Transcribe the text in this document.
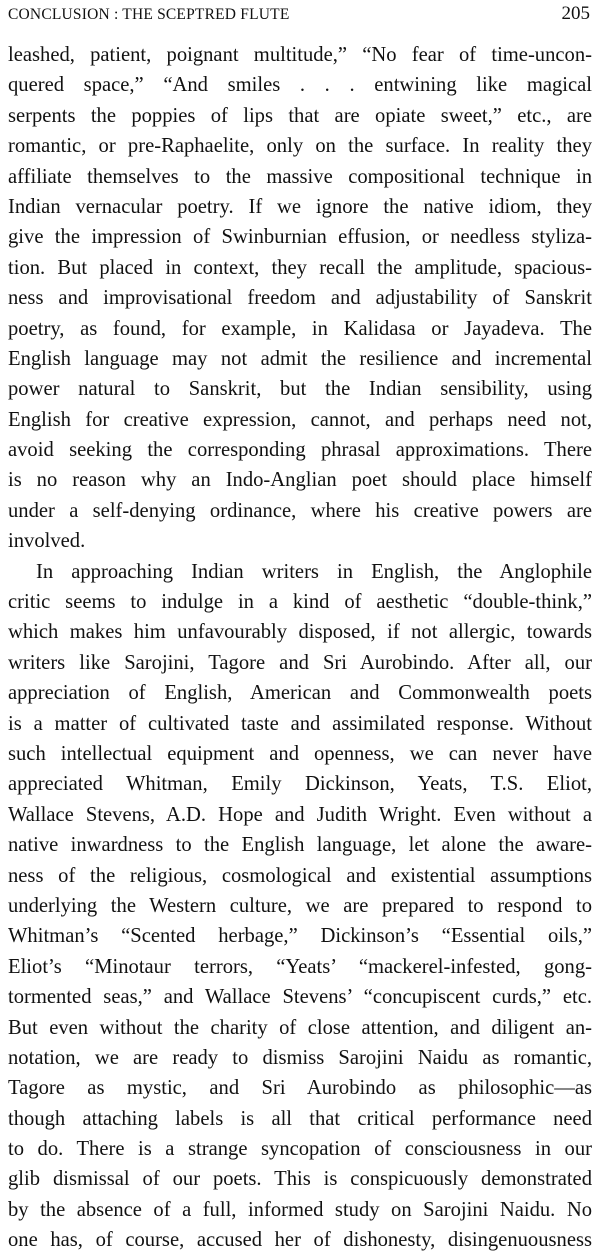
CONCLUSION : THE SCEPTRED FLUTE	205
leashed, patient, poignant multitude,” “No fear of time-uncon-
quered space,” “And smiles . . . entwining like magical
serpents the poppies of lips that are opiate sweet,” etc., are
romantic, or pre-Raphaelite, only on the surface. In reality they
affiliate themselves to the massive compositional technique in
Indian vernacular poetry. If we ignore the native idiom, they
give the impression of Swinburnian effusion, or needless styliza-
tion. But placed in context, they recall the amplitude, spacious-
ness and improvisational freedom and adjustability of Sanskrit
poetry, as found, for example, in Kalidasa or Jayadeva. The
English language may not admit the resilience and incremental
power natural to Sanskrit, but the Indian sensibility, using
English for creative expression, cannot, and perhaps need not,
avoid seeking the corresponding phrasal approximations. There
is no reason why an Indo-Anglian poet should place himself
under a self-denying ordinance, where his creative powers are
involved.
In approaching Indian writers in English, the Anglophile
critic seems to indulge in a kind of aesthetic “double-think,”
which makes him unfavourably disposed, if not allergic, towards
writers like Sarojini, Tagore and Sri Aurobindo. After all, our
appreciation of English, American and Commonwealth poets
is a matter of cultivated taste and assimilated response. Without
such intellectual equipment and openness, we can never have
appreciated Whitman, Emily Dickinson, Yeats, T.S. Eliot,
Wallace Stevens, A.D. Hope and Judith Wright. Even without a
native inwardness to the English language, let alone the aware-
ness of the religious, cosmological and existential assumptions
underlying the Western culture, we are prepared to respond to
Whitman’s “Scented herbage,” Dickinson’s “Essential oils,”
Eliot’s “Minotaur terrors, “Yeats’ “mackerel-infested, gong-
tormented seas,” and Wallace Stevens’ “concupiscent curds,” etc.
But even without the charity of close attention, and diligent an-
notation, we are ready to dismiss Sarojini Naidu as romantic,
Tagore as mystic, and Sri Aurobindo as philosophic—as
though attaching labels is all that critical performance need
to do. There is a strange syncopation of consciousness in our
glib dismissal of our poets. This is conspicuously demonstrated
by the absence of a full, informed study on Sarojini Naidu. No
one has, of course, accused her of dishonesty, disingenuousness
